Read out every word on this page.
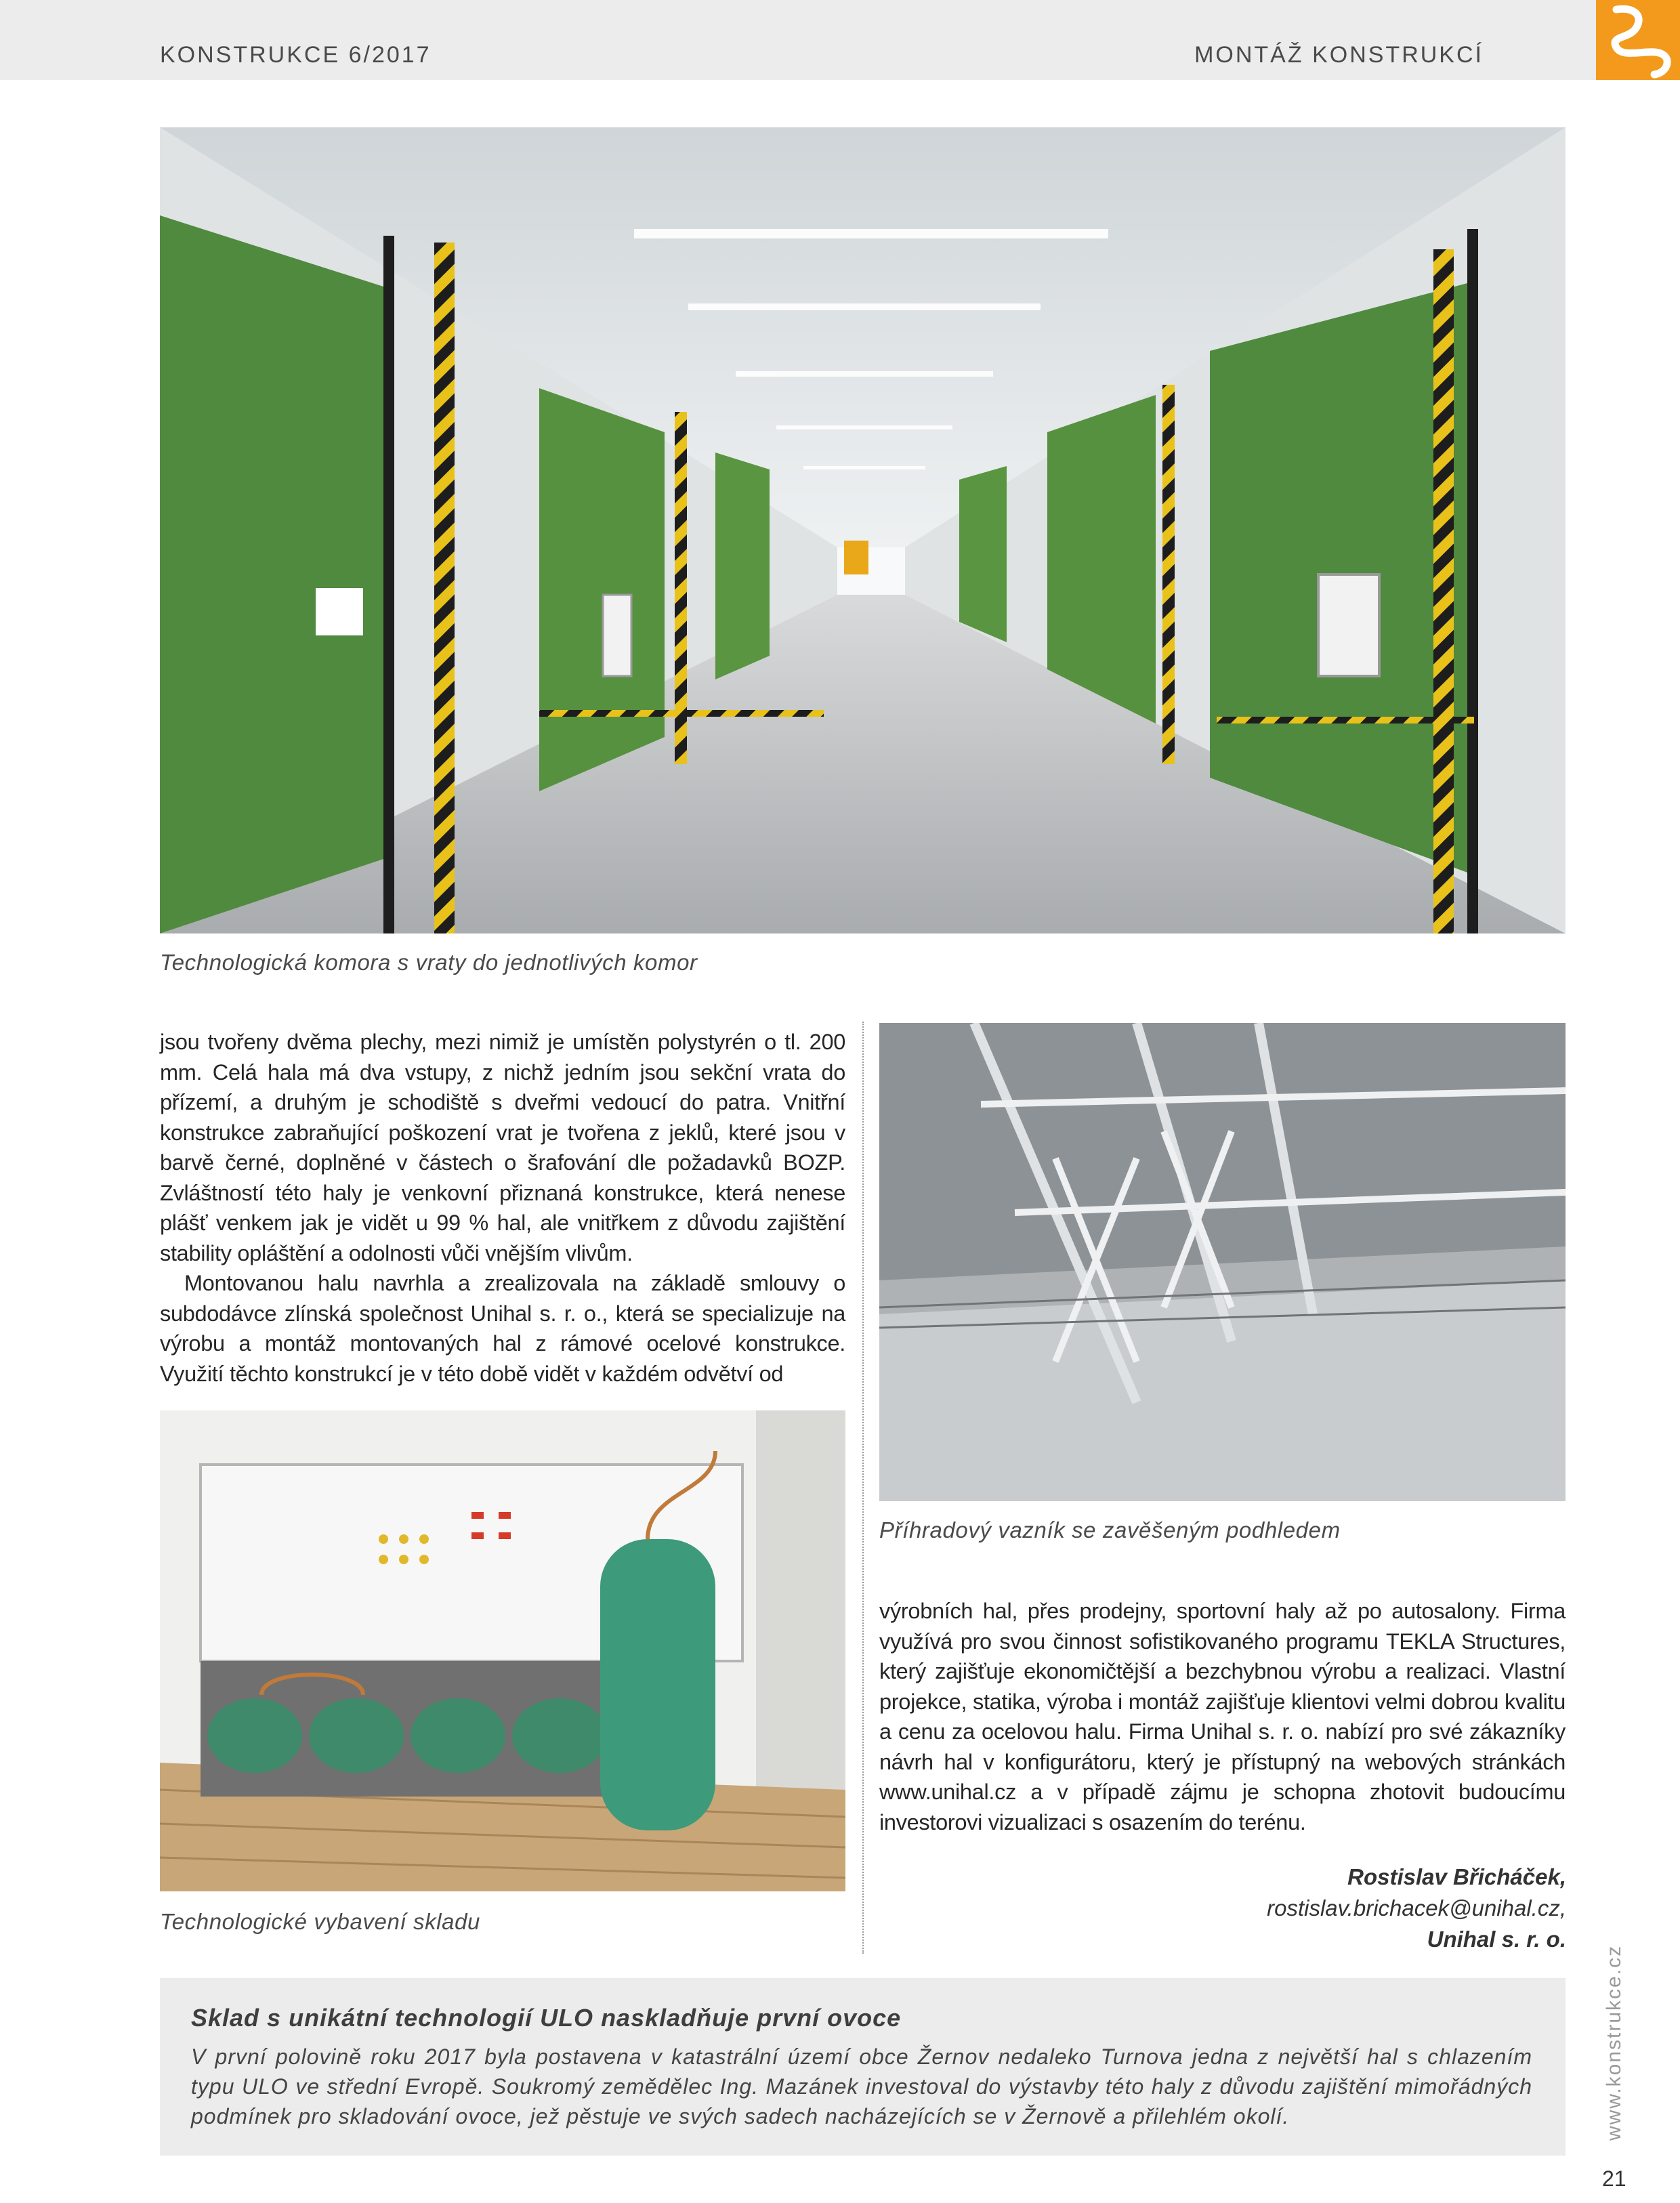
KONSTRUKCE 6/2017	MONTÁŽ KONSTRUKCÍ
Technologická komora s vraty do jednotlivých komor
Příhradový vazník se zavěšeným podhledem
Technologické vybavení skladu

jsou tvořeny dvěma plechy, mezi nimiž je umístěn polystyrén o tl. 200 mm. Celá hala má dva vstupy, z nichž jedním jsou sekční vrata do přízemí, a druhým je schodiště s dveřmi vedoucí do patra. Vnitřní konstrukce zabraňující poškození vrat je tvořena z jeklů, které jsou v barvě černé, doplněné v částech o šrafování dle požadavků BOZP. Zvláštností této haly je venkovní přiznaná konstrukce, která nenese plášť venkem jak je vidět u 99 % hal, ale vnitřkem z důvodu zajištění stability opláštění a odolnosti vůči vnějším vlivům.

Montovanou halu navrhla a zrealizovala na základě smlouvy o subdodávce zlínská společnost Unihal s. r. o., která se specializuje na výrobu a montáž montovaných hal z rámové ocelové konstrukce. Využití těchto konstrukcí je v této době vidět v každém odvětví od

výrobních hal, přes prodejny, sportovní haly až po autosalony. Firma využívá pro svou činnost sofistikovaného programu TEKLA Structures, který zajišťuje ekonomičtější a bezchybnou výrobu a realizaci. Vlastní projekce, statika, výroba i montáž zajišťuje klientovi velmi dobrou kvalitu a cenu za ocelovou halu. Firma Unihal s. r. o. nabízí pro své zákazníky návrh hal v konfigurátoru, který je přístupný na webových stránkách www.unihal.cz a v případě zájmu je schopna zhotovit budoucímu investorovi vizualizaci s osazením do terénu.

Rostislav Břicháček,
rostislav.brichacek@unihal.cz,
Unihal s. r. o.
Sklad s unikátní technologií ULO naskladňuje první ovoce
V první polovině roku 2017 byla postavena v katastrální území obce Žernov nedaleko Turnova jedna z největší hal s chlazením typu ULO ve střední Evropě. Soukromý zemědělec Ing. Mazánek investoval do výstavby této haly z důvodu zajištění mimořádných podmínek pro skladování ovoce, jež pěstuje ve svých sadech nacházejících se v Žernově a přilehlém okolí.	www.konstrukce.cz
21
